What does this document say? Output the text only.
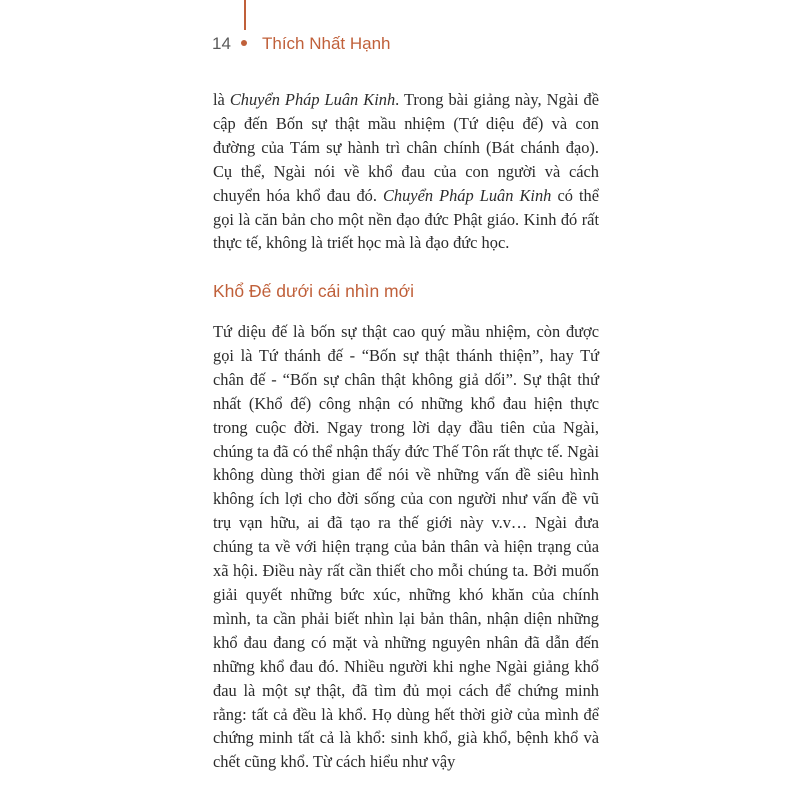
14 Thích Nhất Hạnh

là Chuyển Pháp Luân Kinh. Trong bài giảng này, Ngài đề cập đến Bốn sự thật mầu nhiệm (Tứ diệu đế) và con đường của Tám sự hành trì chân chính (Bát chánh đạo). Cụ thể, Ngài nói về khổ đau của con người và cách chuyển hóa khổ đau đó. Chuyển Pháp Luân Kinh có thể gọi là căn bản cho một nền đạo đức Phật giáo. Kinh đó rất thực tế, không là triết học mà là đạo đức học.

Khổ Đế dưới cái nhìn mới

Tứ diệu đế là bốn sự thật cao quý mầu nhiệm, còn được gọi là Tứ thánh đế - “Bốn sự thật thánh thiện”, hay Tứ chân đế - “Bốn sự chân thật không giả dối”. Sự thật thứ nhất (Khổ đế) công nhận có những khổ đau hiện thực trong cuộc đời. Ngay trong lời dạy đầu tiên của Ngài, chúng ta đã có thể nhận thấy đức Thế Tôn rất thực tế. Ngài không dùng thời gian để nói về những vấn đề siêu hình không ích lợi cho đời sống của con người như vấn đề vũ trụ vạn hữu, ai đã tạo ra thế giới này v.v… Ngài đưa chúng ta về với hiện trạng của bản thân và hiện trạng của xã hội. Điều này rất cần thiết cho mỗi chúng ta. Bởi muốn giải quyết những bức xúc, những khó khăn của chính mình, ta cần phải biết nhìn lại bản thân, nhận diện những khổ đau đang có mặt và những nguyên nhân đã dẫn đến những khổ đau đó. Nhiều người khi nghe Ngài giảng khổ đau là một sự thật, đã tìm đủ mọi cách để chứng minh rằng: tất cả đều là khổ. Họ dùng hết thời giờ của mình để chứng minh tất cả là khổ: sinh khổ, già khổ, bệnh khổ và chết cũng khổ. Từ cách hiểu như vậy
